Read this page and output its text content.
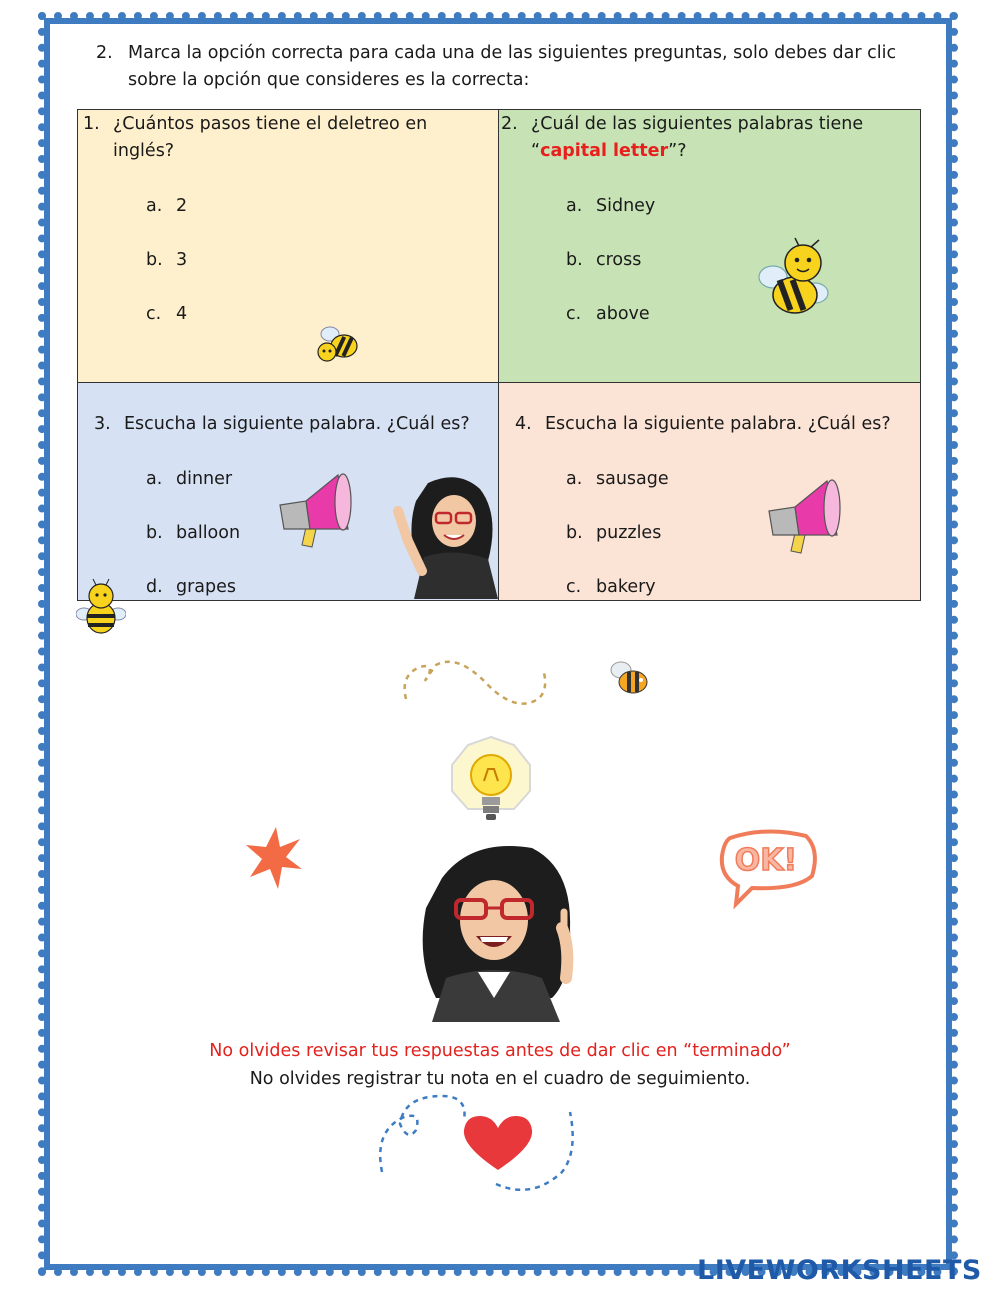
2. Marca la opción correcta para cada una de las siguientes preguntas, solo debes dar clic sobre la opción que consideres es la correcta:
1. ¿Cuántos pasos tiene el deletreo en inglés?
a. 2
b. 3
c. 4
2. ¿Cuál de las siguientes palabras tiene
“capital letter”?
a. Sidney
b. cross
c. above
3. Escucha la siguiente palabra. ¿Cuál es?
a. dinner
b. balloon
d. grapes
4. Escucha la siguiente palabra. ¿Cuál es?
a. sausage
b. puzzles
c. bakery
OK!
No olvides revisar tus respuestas antes de dar clic en “terminado”
No olvides registrar tu nota en el cuadro de seguimiento.
LIVEWORKSHEETS
